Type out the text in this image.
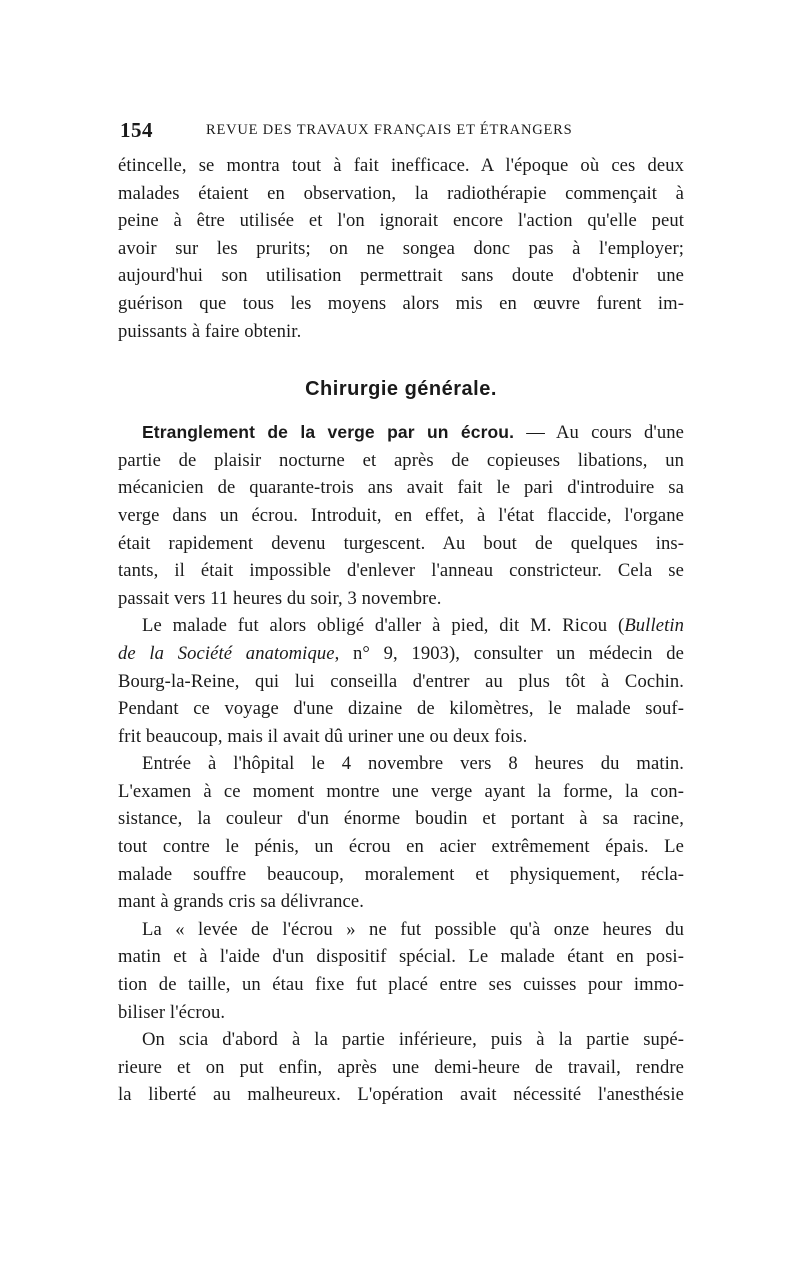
154	REVUE DES TRAVAUX FRANÇAIS ET ÉTRANGERS
étincelle, se montra tout à fait inefficace. A l'époque où ces deux
malades étaient en observation, la radiothérapie commençait à
peine à être utilisée et l'on ignorait encore l'action qu'elle peut
avoir sur les prurits; on ne songea donc pas à l'employer;
aujourd'hui son utilisation permettrait sans doute d'obtenir une
guérison que tous les moyens alors mis en œuvre furent im-
puissants à faire obtenir.
Chirurgie générale.
Etranglement de la verge par un écrou. — Au cours d'une
partie de plaisir nocturne et après de copieuses libations, un
mécanicien de quarante-trois ans avait fait le pari d'introduire sa
verge dans un écrou. Introduit, en effet, à l'état flaccide, l'organe
était rapidement devenu turgescent. Au bout de quelques ins-
tants, il était impossible d'enlever l'anneau constricteur. Cela se
passait vers 11 heures du soir, 3 novembre.
Le malade fut alors obligé d'aller à pied, dit M. Ricou (Bulletin
de la Société anatomique, n° 9, 1903), consulter un médecin de
Bourg-la-Reine, qui lui conseilla d'entrer au plus tôt à Cochin.
Pendant ce voyage d'une dizaine de kilomètres, le malade souf-
frit beaucoup, mais il avait dû uriner une ou deux fois.
Entrée à l'hôpital le 4 novembre vers 8 heures du matin.
L'examen à ce moment montre une verge ayant la forme, la con-
sistance, la couleur d'un énorme boudin et portant à sa racine,
tout contre le pénis, un écrou en acier extrêmement épais. Le
malade souffre beaucoup, moralement et physiquement, récla-
mant à grands cris sa délivrance.
La « levée de l'écrou » ne fut possible qu'à onze heures du
matin et à l'aide d'un dispositif spécial. Le malade étant en posi-
tion de taille, un étau fixe fut placé entre ses cuisses pour immo-
biliser l'écrou.
On scia d'abord à la partie inférieure, puis à la partie supé-
rieure et on put enfin, après une demi-heure de travail, rendre
la liberté au malheureux. L'opération avait nécessité l'anesthésie
